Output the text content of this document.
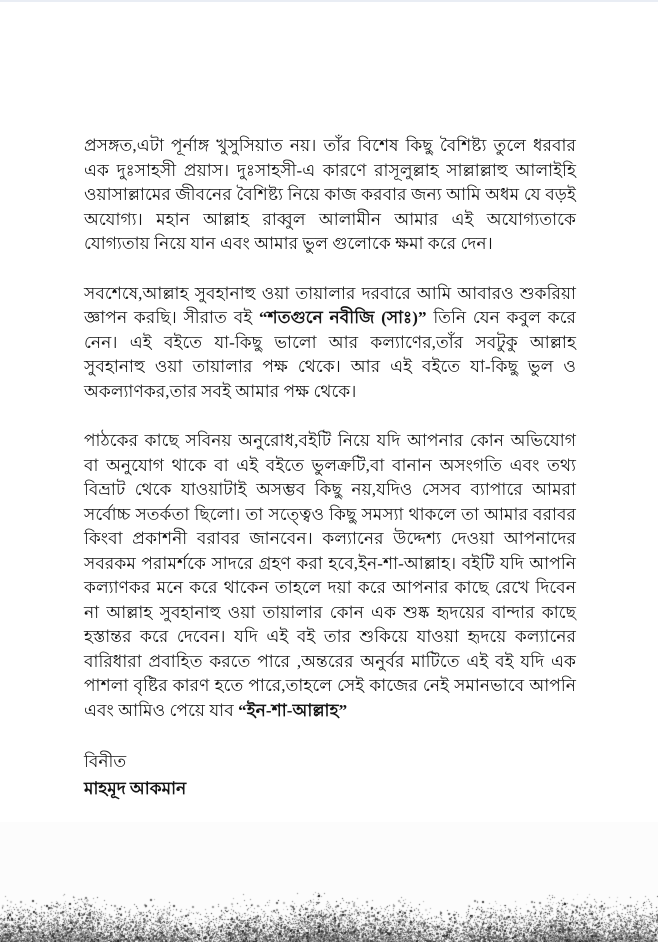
প্রসঙ্গত,এটা পূর্নাঙ্গ খুসুসিয়াত নয়। তাঁর বিশেষ কিছু বৈশিষ্ট্য তুলে ধরবার এক দুঃসাহসী প্রয়াস। দুঃসাহসী-এ কারণে রাসূলুল্লাহ সাল্লাল্লাহু আলাইহি ওয়াসাল্লামের জীবনের বৈশিষ্ট্য নিয়ে কাজ করবার জন্য আমি অধম যে বড়ই অযোগ্য। মহান আল্লাহ রাব্বুল আলামীন আমার এই অযোগ্যতাকে যোগ্যতায় নিয়ে যান এবং আমার ভুল গুলোকে ক্ষমা করে দেন।

সবশেষে,আল্লাহ সুবহানাহু ওয়া তায়ালার দরবারে আমি আবারও শুকরিয়া জ্ঞাপন করছি। সীরাত বই “শতগুনে নবীজি (সাঃ)” তিনি যেন কবুল করে নেন। এই বইতে যা-কিছু ভালো আর কল্যাণের,তাঁর সবটুকু আল্লাহ সুবহানাহু ওয়া তায়ালার পক্ষ থেকে। আর এই বইতে যা-কিছু ভুল ও অকল্যাণকর,তার সবই আমার পক্ষ থেকে।

পাঠকের কাছে সবিনয় অনুরোধ,বইটি নিয়ে যদি আপনার কোন অভিযোগ বা অনুযোগ থাকে বা এই বইতে ভুলক্রটি,বা বানান অসংগতি এবং তথ্য বিভ্রাট থেকে যাওয়াটাই অসম্ভব কিছু নয়,যদিও সেসব ব্যাপারে আমরা সর্বোচ্চ সতর্কতা ছিলো। তা সত্ত্বেও কিছু সমস্যা থাকলে তা আমার বরাবর কিংবা প্রকাশনী বরাবর জানবেন। কল্যানের উদ্দেশ্য দেওয়া আপনাদের সবরকম পরামর্শকে সাদরে গ্রহণ করা হবে,ইন-শা-আল্লাহ। বইটি যদি আপনি কল্যাণকর মনে করে থাকেন তাহলে দয়া করে আপনার কাছে রেখে দিবেন না আল্লাহ সুবহানাহু ওয়া তায়ালার কোন এক শুষ্ক হৃদয়ের বান্দার কাছে হস্তান্তর করে দেবেন। যদি এই বই তার শুকিয়ে যাওয়া হৃদয়ে কল্যানের বারিধারা প্রবাহিত করতে পারে ,অন্তরের অনুর্বর মাটিতে এই বই যদি এক পাশলা বৃষ্টির কারণ হতে পারে,তাহলে সেই কাজের নেই সমানভাবে আপনি এবং আমিও পেয়ে যাব “ইন-শা-আল্লাহ”

বিনীত
মাহমূদ আকমান
